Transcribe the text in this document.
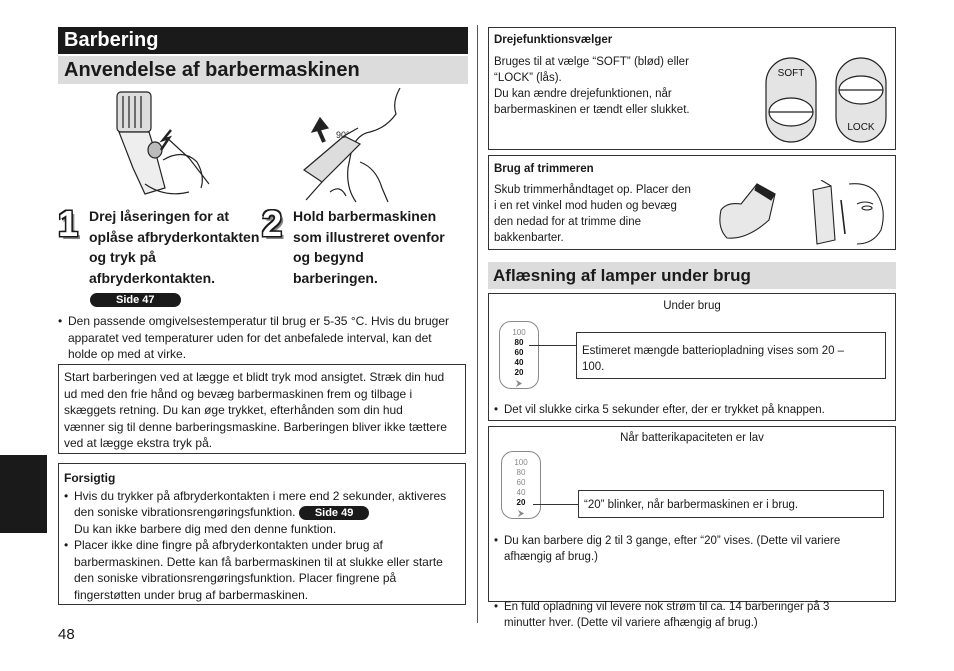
Barbering
Anvendelse af barbermaskinen
90°
1 Drej låseringen for at
oplåse afbryderkontakten
og tryk på
afbryderkontakten.
Side 47
2 Hold barbermaskinen
som illustreret ovenfor
og begynd
barberingen.
• Den passende omgivelsestemperatur til brug er 5-35 °C. Hvis du bruger
apparatet ved temperaturer uden for det anbefalede interval, kan det
holde op med at virke.
Start barberingen ved at lægge et blidt tryk mod ansigtet. Stræk din hud
ud med den frie hånd og bevæg barbermaskinen frem og tilbage i
skæggets retning. Du kan øge trykket, efterhånden som din hud
vænner sig til denne barberingsmaskine. Barberingen bliver ikke tættere
ved at lægge ekstra tryk på.
Forsigtig
• Hvis du trykker på afbryderkontakten i mere end 2 sekunder, aktiveres
den soniske vibrationsrengøringsfunktion. Side 49
Du kan ikke barbere dig med den denne funktion.
• Placer ikke dine fingre på afbryderkontakten under brug af
barbermaskinen. Dette kan få barbermaskinen til at slukke eller starte
den soniske vibrationsrengøringsfunktion. Placer fingrene på
fingerstøtten under brug af barbermaskinen.
Dansk
48
Drejefunktionsvælger
Bruges til at vælge “SOFT” (blød) eller
“LOCK” (lås).
Du kan ændre drejefunktionen, når
barbermaskinen er tændt eller slukket.
SOFT
LOCK
Brug af trimmeren
Skub trimmerhåndtaget op. Placer den
i en ret vinkel mod huden og bevæg
den nedad for at trimme dine
bakkenbarter.
Aflæsning af lamper under brug
Under brug
100
80
60
40
20
⮞
Estimeret mængde batteriopladning vises som 20 –
100.
• Det vil slukke cirka 5 sekunder efter, der er trykket på knappen.
Når batterikapaciteten er lav
100
80
60
40
20
⮞
“20” blinker, når barbermaskinen er i brug.
• Du kan barbere dig 2 til 3 gange, efter “20” vises. (Dette vil variere
afhængig af brug.)
• En fuld opladning vil levere nok strøm til ca. 14 barberinger på 3
minutter hver. (Dette vil variere afhængig af brug.)
